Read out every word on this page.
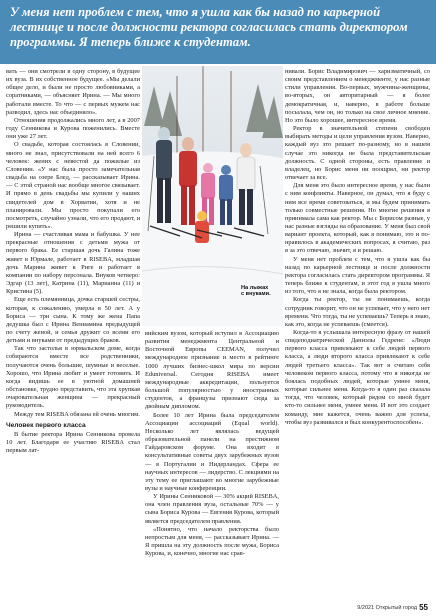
У меня нет проблем с тем, что я ушла как бы назад по карьерной лестнице и после должности ректора согласилась стать директором программы. Я теперь ближе к студентам.

вать — они смотрели в одну сторону, в будущее их вуза. В их собственное будущее. «Мы делали общее дело, и были не просто любовниками, а соратниками, — объясняет Ирина. — Мы много работали вместе. То что — с первых мужем нас разводил, здесь нас объединяло».

Отношения продолжались много лет, а в 2007 году Сенникова и Курова поженились. Вместе они уже 27 лет.

О свадьбе, которая состоялась в Словении, много не знал, присутствовали на ней всего 6 человек: жених с невестой да пожилые из Словении. «У нас была просто замечательная свадьба на озере Блед, — рассказывает Ирина. — С этой страной нас вообще многое связывает. И прямо в день свадьбы мы купили у наших свидетелей дом в Хорватии, хотя и не планировали. Мы просто покупали его посмотреть, случайно узнали, что его продают, и решили купить».

Ирина — счастливая мама и бабушка. У нее прекрасные отношения с детьми мужа от первого брака. Ее старшая дочь Галина тоже живет в Юрмале, работает в RISEBA, младшая дочь Марина живет в Риге и работает в компании по набору персонала. Внуков четверо: Эдгар (13 лет), Катрина (11), Марианна (11) и Кристина (5).

Еще есть племянница, дочка старшей сестры, которая, к сожалению, умерла в 50 лет. А у Бориса — три сына. К тому же жена Папа дедушка был с Ирина Вениамина предыдущей по счету женой, и семья дружит со всеми его детьми и внуками от предыдущих браков.

Так что застолья в юрмальском доме, когда собираются вместе все родственники, получаются очень большие, шумные и веселые. Хорошо, что Ирина любит и умеет готовить. И когда видишь ее в уютной домашней обстановке, трудно представить, что эта хрупкая очаровательная женщина — прекрасный руководитель.

Между тем RISEBA обязана ей очень многим.

Человек первого класса

В бытие ректора Ирина Сенникова провела 10 лет. Благодаря ее участию RISEBA стал первым лат-

На лыжах
с внуками.

вийским вузом, который вступил в Ассоциацию развития менеджмента Центральной и Восточной Европы CEEMAN, получил международное признание и место в рейтинге 1000 лучших бизнес-школ мира по версии Eduniversal. Сегодня RISEBA имеет международные аккредитации, пользуется большой популярностью у иностранных студентов, а французы признают сюда за двойным дипломом.

Более 10 лет Ирина была председателем Ассоциации ассоциаций (Equal world). Несколько лет являлась ведущей образовательной панели на престижном Гайдаровском форуме. Она входит в консультативные советы двух зарубежных вузов — в Португалии и Нидерландах. Сфера ее научных интересов — лидерство. С лекциями на эту тему ее приглашают во многие зарубежные вузы и научные конференции.

У Ирины Сенниковой — 30% акций RISEBA, она член правления вуза, остальные 70% — у сына Бориса Курова — Евгения Курова, который является председателем правления.

«Понятно, что начало ректорства было непростым для меня, — рассказывает Ирина. — Я пришла на эту должность после мужа, Бориса Курова, и, конечно, многие нас срав-

нивали. Борис Владимирович — харизматичный, со своим представлением о менеджменте, у нас разные стили управления. Во-первых, мужчины-женщины, во-вторых, он авторитарный — я более демократичная, и, наверно, в работе больше посылала, чем он, но только на свое личное мнение. Но это было хорошее, интересное время.

Ректор в значительной степени свободен выбирать методы и цели управления вузом. Наверно, каждый вуз это решает по-разному, но в нашем случае это никогда не была представительская должность. С одной стороны, есть правление и владелец, но Борис меня ни поощрял, ни ректор отвечает за все.

Для меня это было интересное время, у нас были с ним конфликты. Наверное, он думал, что я буду с ним все время советоваться, и мы будем принимать только совместные решения. Но многие решения я принимала сама как ректор. Мы с Борисом разные, у нас разные взгляды на образование. У меня был свой вариант проекта, который, как я понимаю, это и по-нравилось в академических вопросах, я считаю, раз я за это отвечаю, значит, я и решаю.

У меня нет проблем с тем, что я ушла как бы назад по карьерной лестнице и после должности ректора согласилась стать директором программы. Я теперь ближе к студентам, и этот год я ушла много из того, что я не знала, когда была ректором.

Когда ты ректор, ты не понимаешь, когда сотрудник говорит, что он не успевает, что у него нет времени. Что тогда, ты не успеваешь? Теперь я знаю, как это, когда не успеваешь (смеется).

Когда-то я услышала интересную фразу от нашей спидеподиатрической Даниэлы Гедрене: «Люди первого класса привлекают к себе людей первого класса, а люди второго класса привлекают к себе людей третьего класса». Так вот я считаю себя человеком первого класса, потому что я никогда не боялась подобных людей, которые умнее меня, которые сильнее меня. Когда-то я один раз сказала тогда, что человек, который рядом со мной будет кто-то сильнее меня, умнее меня. И вот это создает команду, мне кажется, очень важно для успеха, чтобы вуз развивался и был конкурентоспособен».

9/2021 Открытый город 55
